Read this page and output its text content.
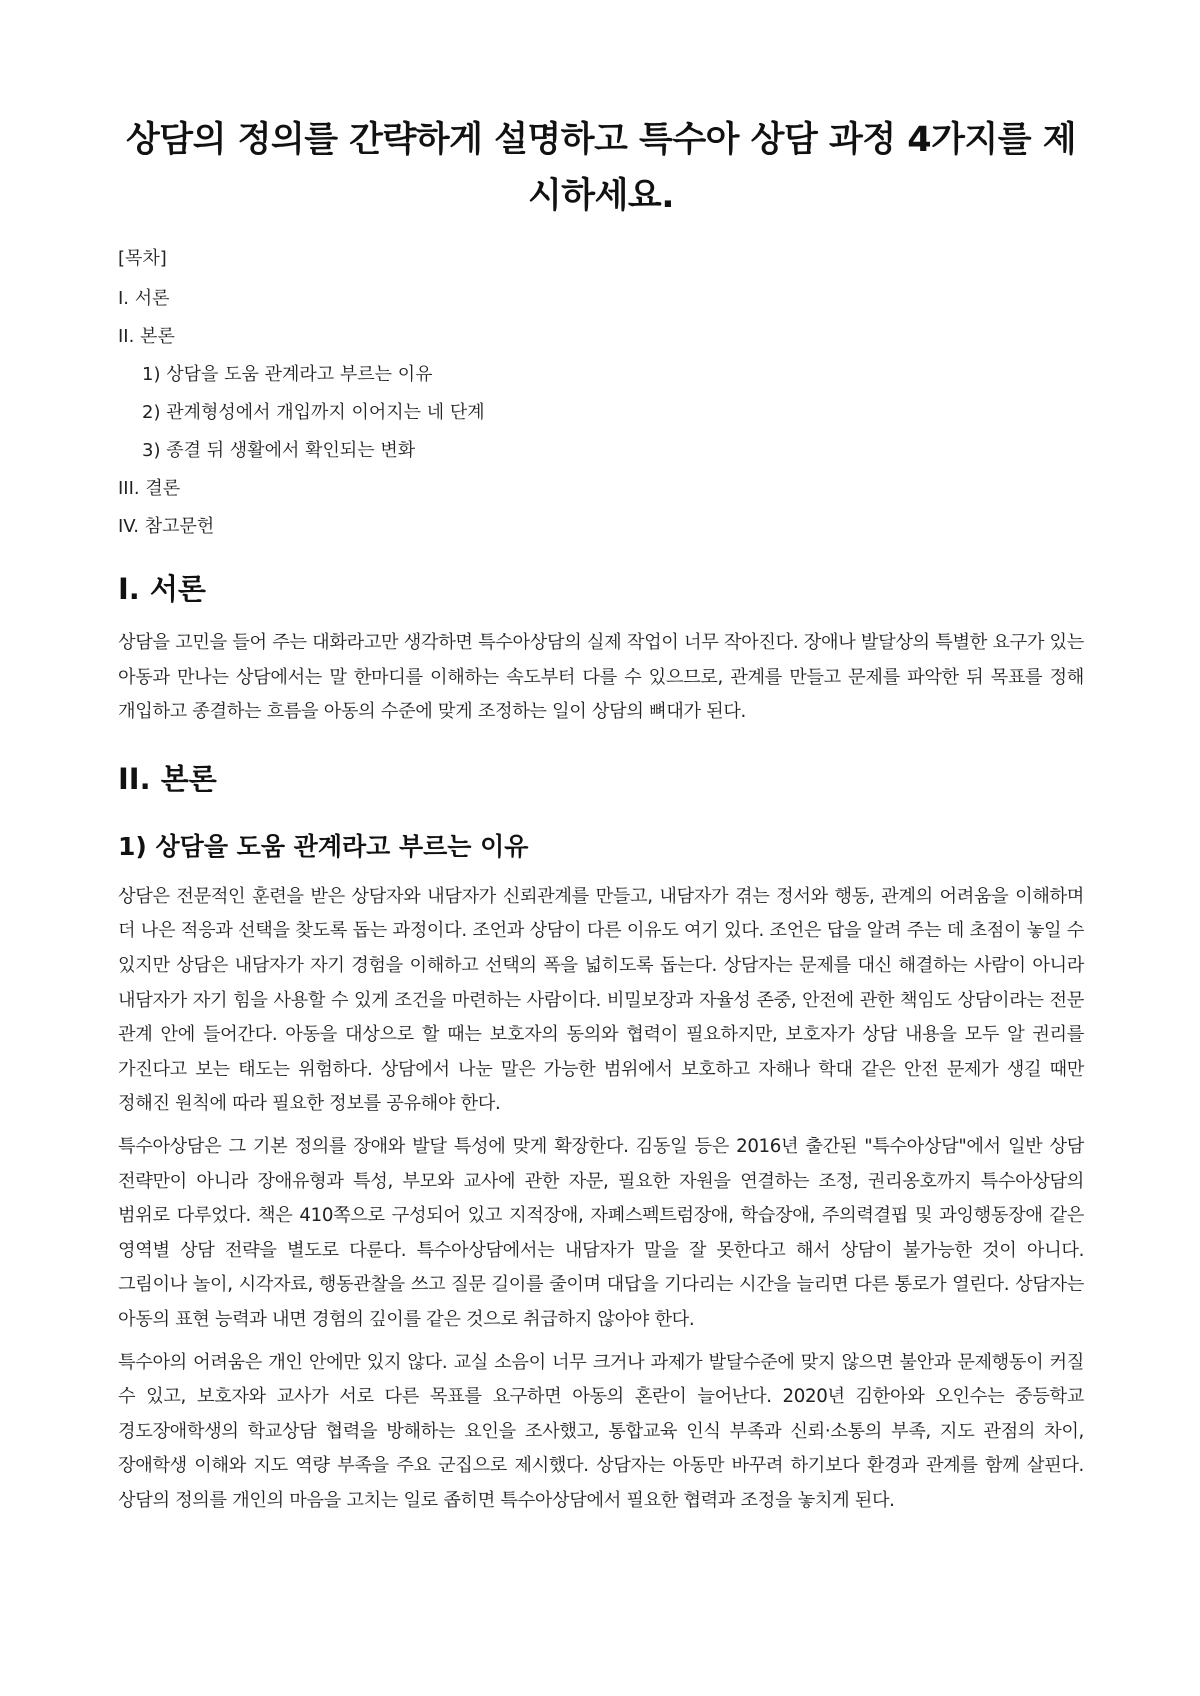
상담의 정의를 간략하게 설명하고 특수아 상담 과정 4가지를 제시하세요.
[목차]
I. 서론
II. 본론
1) 상담을 도움 관계라고 부르는 이유
2) 관계형성에서 개입까지 이어지는 네 단계
3) 종결 뒤 생활에서 확인되는 변화
III. 결론
IV. 참고문헌
I. 서론

상담을 고민을 들어 주는 대화라고만 생각하면 특수아상담의 실제 작업이 너무 작아진다. 장애나 발달상의 특별한 요구가 있는 아동과 만나는 상담에서는 말 한마디를 이해하는 속도부터 다를 수 있으므로, 관계를 만들고 문제를 파악한 뒤 목표를 정해 개입하고 종결하는 흐름을 아동의 수준에 맞게 조정하는 일이 상담의 뼈대가 된다.

II. 본론
1) 상담을 도움 관계라고 부르는 이유

상담은 전문적인 훈련을 받은 상담자와 내담자가 신뢰관계를 만들고, 내담자가 겪는 정서와 행동, 관계의 어려움을 이해하며 더 나은 적응과 선택을 찾도록 돕는 과정이다. 조언과 상담이 다른 이유도 여기 있다. 조언은 답을 알려 주는 데 초점이 놓일 수 있지만 상담은 내담자가 자기 경험을 이해하고 선택의 폭을 넓히도록 돕는다. 상담자는 문제를 대신 해결하는 사람이 아니라 내담자가 자기 힘을 사용할 수 있게 조건을 마련하는 사람이다. 비밀보장과 자율성 존중, 안전에 관한 책임도 상담이라는 전문 관계 안에 들어간다. 아동을 대상으로 할 때는 보호자의 동의와 협력이 필요하지만, 보호자가 상담 내용을 모두 알 권리를 가진다고 보는 태도는 위험하다. 상담에서 나눈 말은 가능한 범위에서 보호하고 자해나 학대 같은 안전 문제가 생길 때만 정해진 원칙에 따라 필요한 정보를 공유해야 한다.

특수아상담은 그 기본 정의를 장애와 발달 특성에 맞게 확장한다. 김동일 등은 2016년 출간된 "특수아상담"에서 일반 상담 전략만이 아니라 장애유형과 특성, 부모와 교사에 관한 자문, 필요한 자원을 연결하는 조정, 권리옹호까지 특수아상담의 범위로 다루었다. 책은 410쪽으로 구성되어 있고 지적장애, 자폐스펙트럼장애, 학습장애, 주의력결핍 및 과잉행동장애 같은 영역별 상담 전략을 별도로 다룬다. 특수아상담에서는 내담자가 말을 잘 못한다고 해서 상담이 불가능한 것이 아니다. 그림이나 놀이, 시각자료, 행동관찰을 쓰고 질문 길이를 줄이며 대답을 기다리는 시간을 늘리면 다른 통로가 열린다. 상담자는 아동의 표현 능력과 내면 경험의 깊이를 같은 것으로 취급하지 않아야 한다.

특수아의 어려움은 개인 안에만 있지 않다. 교실 소음이 너무 크거나 과제가 발달수준에 맞지 않으면 불안과 문제행동이 커질 수 있고, 보호자와 교사가 서로 다른 목표를 요구하면 아동의 혼란이 늘어난다. 2020년 김한아와 오인수는 중등학교 경도장애학생의 학교상담 협력을 방해하는 요인을 조사했고, 통합교육 인식 부족과 신뢰·소통의 부족, 지도 관점의 차이, 장애학생 이해와 지도 역량 부족을 주요 군집으로 제시했다. 상담자는 아동만 바꾸려 하기보다 환경과 관계를 함께 살핀다. 상담의 정의를 개인의 마음을 고치는 일로 좁히면 특수아상담에서 필요한 협력과 조정을 놓치게 된다.
